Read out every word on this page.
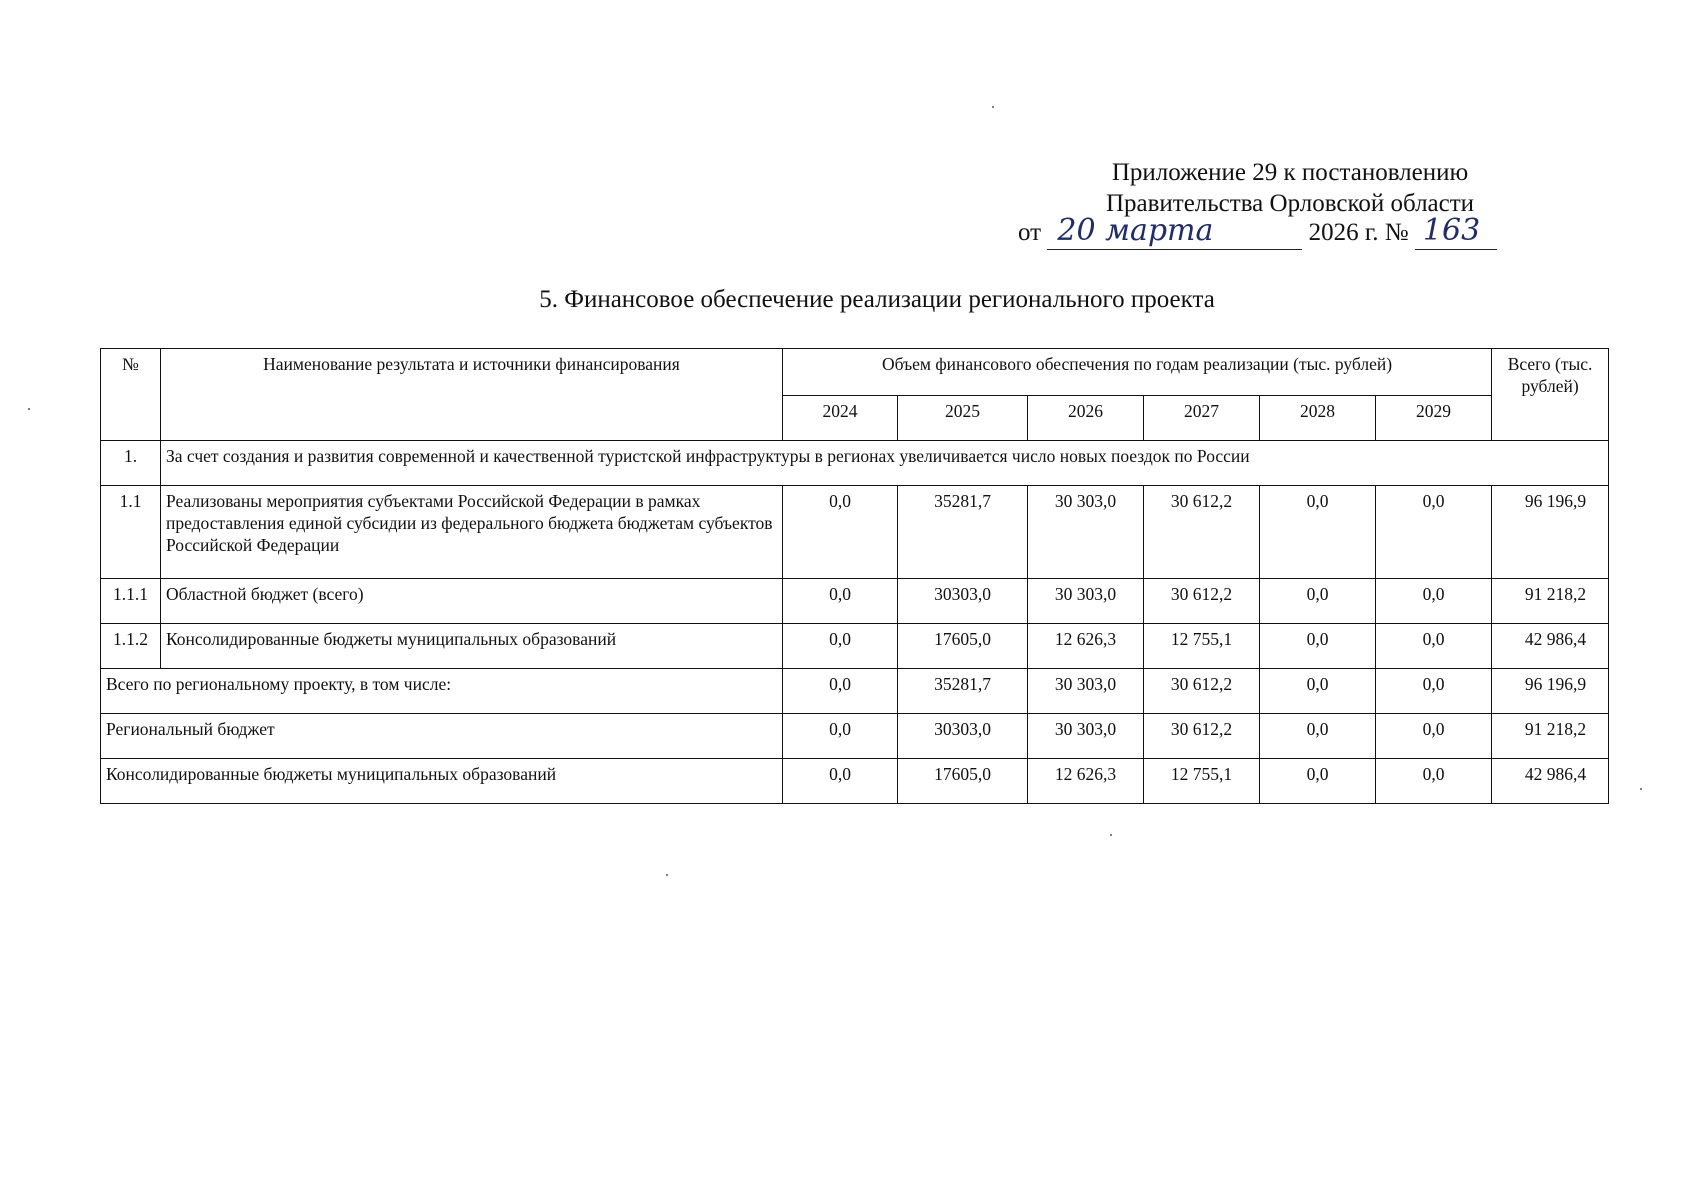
Приложение 29 к постановлению
Правительства Орловской области
от 20 марта	2026 г. № 163
5. Финансовое обеспечение реализации регионального проекта
№	Наименование результата и источники финансирования	Объем финансового обеспечения по годам реализации (тыс. рублей)						Всего (тыс. рублей)
		2024	2025	2026	2027	2028	2029	
1.	За счет создания и развития современной и качественной туристской инфраструктуры в регионах увеличивается число новых поездок по России							
1.1	Реализованы мероприятия субъектами Российской Федерации в рамках предоставления единой субсидии из федерального бюджета бюджетам субъектов Российской Федерации	0,0	35281,7	30 303,0	30 612,2	0,0	0,0	96 196,9
1.1.1	Областной бюджет (всего)	0,0	30303,0	30 303,0	30 612,2	0,0	0,0	91 218,2
1.1.2	Консолидированные бюджеты муниципальных образований	0,0	17605,0	12 626,3	12 755,1	0,0	0,0	42 986,4
Всего по региональному проекту, в том числе:		0,0	35281,7	30 303,0	30 612,2	0,0	0,0	96 196,9
Региональный бюджет		0,0	30303,0	30 303,0	30 612,2	0,0	0,0	91 218,2
Консолидированные бюджеты муниципальных образований		0,0	17605,0	12 626,3	12 755,1	0,0	0,0	42 986,4
